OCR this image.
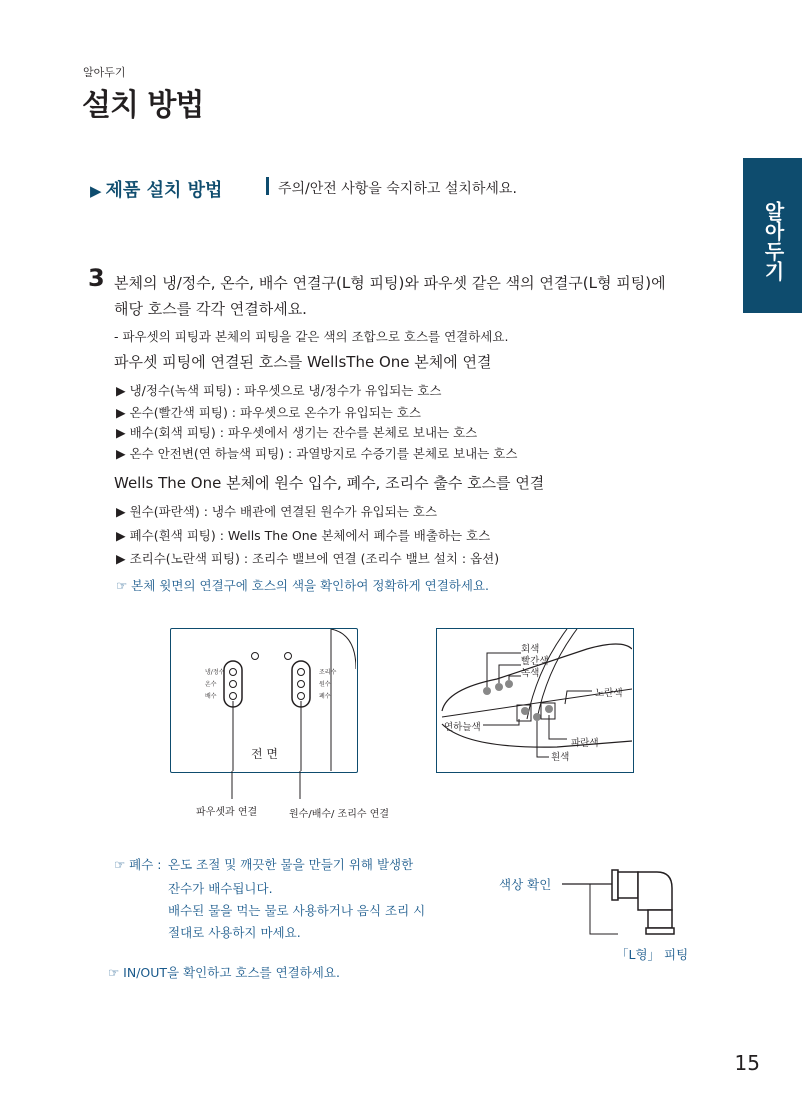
알아두기
설치 방법
알아두기
▶ 제품 설치 방법	주의/안전 사항을 숙지하고 설치하세요.
3 본체의 냉/정수, 온수, 배수 연결구(L형 피팅)와 파우셋 같은 색의 연결구(L형 피팅)에
해당 호스를 각각 연결하세요.
- 파우셋의 피팅과 본체의 피팅을 같은 색의 조합으로 호스를 연결하세요.
파우셋 피팅에 연결된 호스를 WellsThe One 본체에 연결
▶ 냉/정수(녹색 피팅) : 파우셋으로 냉/정수가 유입되는 호스
▶ 온수(빨간색 피팅) : 파우셋으로 온수가 유입되는 호스
▶ 배수(회색 피팅) : 파우셋에서 생기는 잔수를 본체로 보내는 호스
▶ 온수 안전변(연 하늘색 피팅) : 과열방지로 수증기를 본체로 보내는 호스
Wells The One 본체에 원수 입수, 폐수, 조리수 출수 호스를 연결
▶ 원수(파란색) : 냉수 배관에 연결된 원수가 유입되는 호스
▶ 폐수(흰색 피팅) : Wells The One 본체에서 폐수를 배출하는 호스
▶ 조리수(노란색 피팅) : 조리수 밸브에 연결 (조리수 밸브 설치 : 옵션)
☞ 본체 윗면의 연결구에 호스의 색을 확인하여 정확하게 연결하세요.
냉/정수
온수
배수
조리수
원수
폐수
전 면
파우셋과 연결	원수/배수/ 조리수 연결
회색
빨간색
녹색
노란색
연하늘색
파란색
흰색
☞ 폐수 : 온도 조절 및 깨끗한 물을 만들기 위해 발생한
잔수가 배수됩니다.
배수된 물을 먹는 물로 사용하거나 음식 조리 시
절대로 사용하지 마세요.
☞ IN/OUT을 확인하고 호스를 연결하세요.
색상 확인
「L형」 피팅
15
